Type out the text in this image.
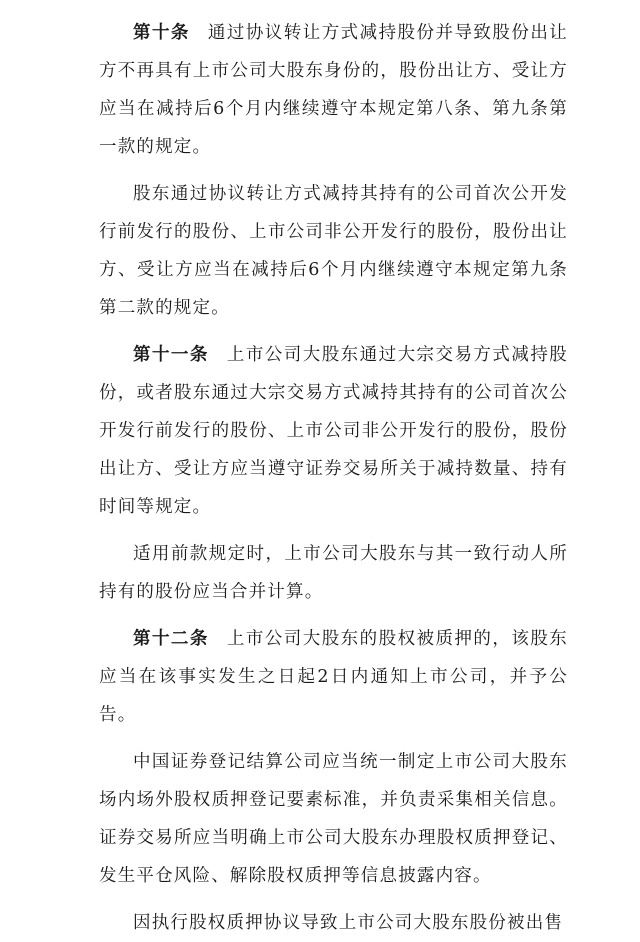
第十条 通过协议转让方式减持股份并导致股份出让方不再具有上市公司大股东身份的，股份出让方、受让方应当在减持后6个月内继续遵守本规定第八条、第九条第一款的规定。

股东通过协议转让方式减持其持有的公司首次公开发行前发行的股份、上市公司非公开发行的股份，股份出让方、受让方应当在减持后6个月内继续遵守本规定第九条第二款的规定。

第十一条 上市公司大股东通过大宗交易方式减持股份，或者股东通过大宗交易方式减持其持有的公司首次公开发行前发行的股份、上市公司非公开发行的股份，股份出让方、受让方应当遵守证券交易所关于减持数量、持有时间等规定。

适用前款规定时，上市公司大股东与其一致行动人所持有的股份应当合并计算。

第十二条 上市公司大股东的股权被质押的，该股东应当在该事实发生之日起2日内通知上市公司，并予公告。

中国证券登记结算公司应当统一制定上市公司大股东场内场外股权质押登记要素标准，并负责采集相关信息。证券交易所应当明确上市公司大股东办理股权质押登记、发生平仓风险、解除股权质押等信息披露内容。

因执行股权质押协议导致上市公司大股东股份被出售
